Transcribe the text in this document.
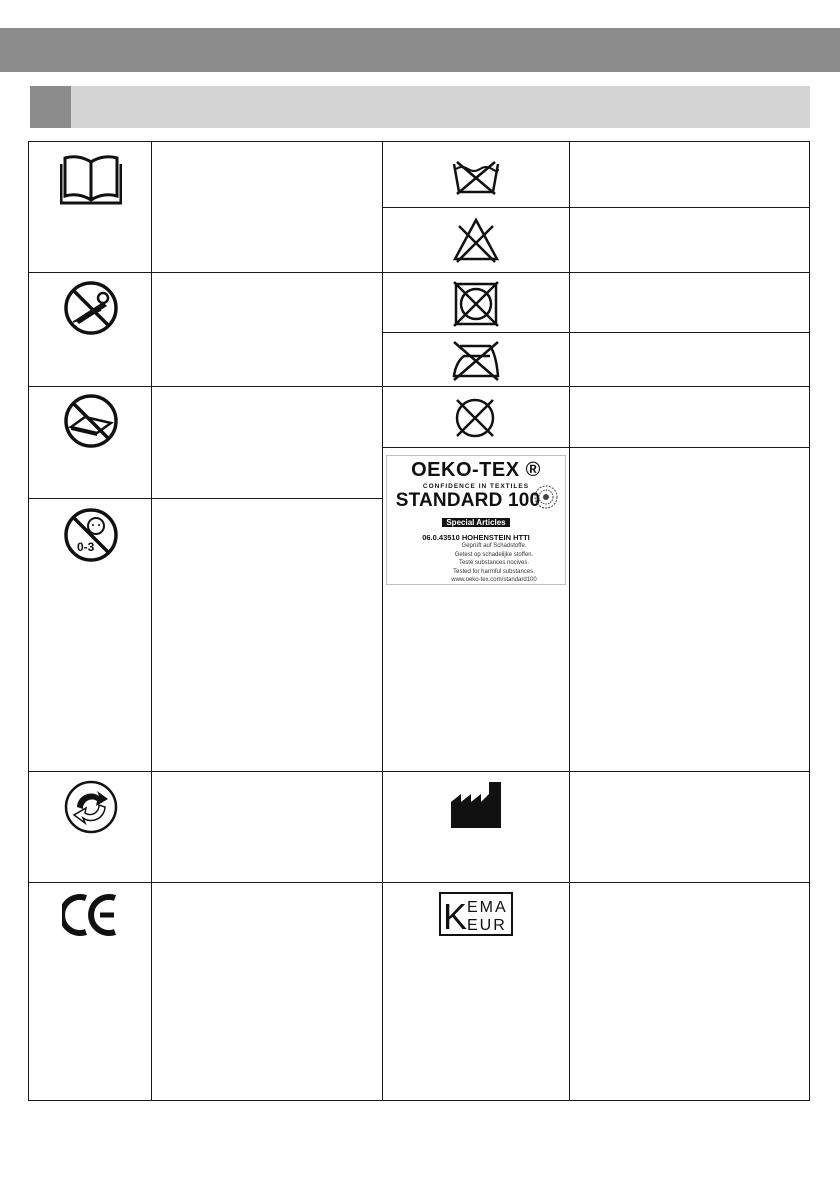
0-3
OEKO-TEX ®
CONFIDENCE IN TEXTILES
STANDARD 100
Special Articles
06.0.43510 HOHENSTEIN HTTI
Geprüft auf Schadstoffe.
Getest op schadelijke stoffen.
Testé substances nocives.
Tested for harmful substances.
www.oeko-tex.com/standard100
K EMA
EUR
